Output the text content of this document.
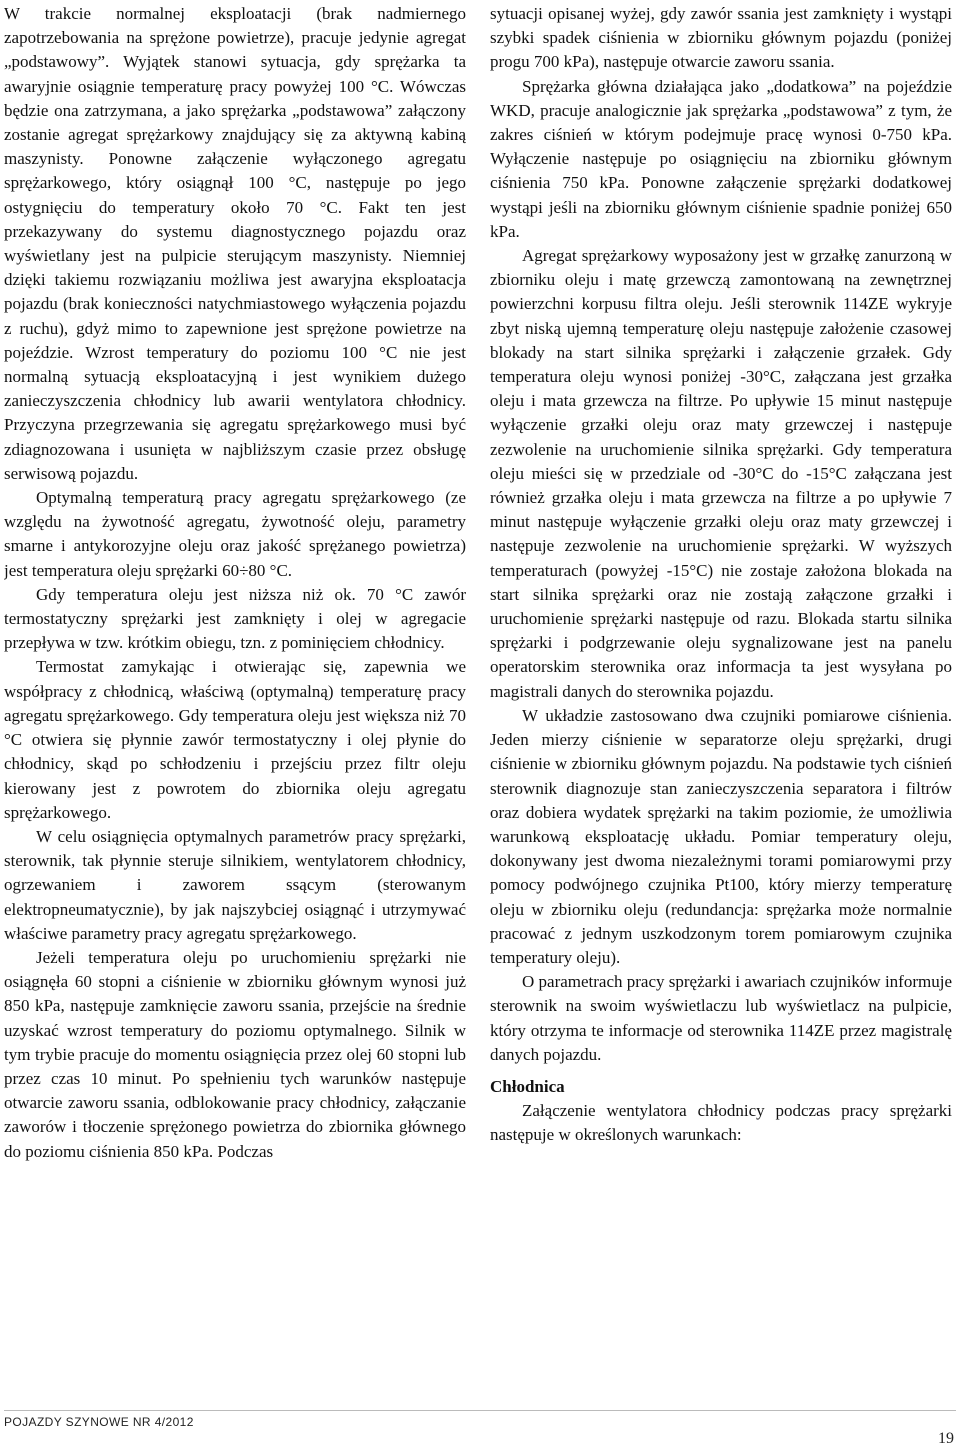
W trakcie normalnej eksploatacji (brak nadmiernego zapotrzebowania na sprężone powietrze), pracuje jedynie agregat „podstawowy”. Wyjątek stanowi sytuacja, gdy sprężarka ta awaryjnie osiągnie temperaturę pracy powyżej 100 °C. Wówczas będzie ona zatrzymana, a jako sprężarka „podstawowa” załączony zostanie agregat sprężarkowy znajdujący się za aktywną kabiną maszynisty. Ponowne załączenie wyłączonego agregatu sprężarkowego, który osiągnął 100 °C, następuje po jego ostygnięciu do temperatury około 70 °C. Fakt ten jest przekazywany do systemu diagnostycznego pojazdu oraz wyświetlany jest na pulpicie sterującym maszynisty. Niemniej dzięki takiemu rozwiązaniu możliwa jest awaryjna eksploatacja pojazdu (brak konieczności natychmiastowego wyłączenia pojazdu z ruchu), gdyż mimo to zapewnione jest sprężone powietrze na pojeździe. Wzrost temperatury do poziomu 100 °C nie jest normalną sytuacją eksploatacyjną i jest wynikiem dużego zanieczyszczenia chłodnicy lub awarii wentylatora chłodnicy. Przyczyna przegrzewania się agregatu sprężarkowego musi być zdiagnozowana i usunięta w najbliższym czasie przez obsługę serwisową pojazdu.

Optymalną temperaturą pracy agregatu sprężarkowego (ze względu na żywotność agregatu, żywotność oleju, parametry smarne i antykorozyjne oleju oraz jakość sprężanego powietrza) jest temperatura oleju sprężarki 60÷80 °C.

Gdy temperatura oleju jest niższa niż ok. 70 °C zawór termostatyczny sprężarki jest zamknięty i olej w agregacie przepływa w tzw. krótkim obiegu, tzn. z pominięciem chłodnicy.

Termostat zamykając i otwierając się, zapewnia we współpracy z chłodnicą, właściwą (optymalną) temperaturę pracy agregatu sprężarkowego. Gdy temperatura oleju jest większa niż 70 °C otwiera się płynnie zawór termostatyczny i olej płynie do chłodnicy, skąd po schłodzeniu i przejściu przez filtr oleju kierowany jest z powrotem do zbiornika oleju agregatu sprężarkowego.

W celu osiągnięcia optymalnych parametrów pracy sprężarki, sterownik, tak płynnie steruje silnikiem, wentylatorem chłodnicy, ogrzewaniem i zaworem ssącym (sterowanym elektropneumatycznie), by jak najszybciej osiągnąć i utrzymywać właściwe parametry pracy agregatu sprężarkowego.

Jeżeli temperatura oleju po uruchomieniu sprężarki nie osiągnęła 60 stopni a ciśnienie w zbiorniku głównym wynosi już 850 kPa, następuje zamknięcie zaworu ssania, przejście na średnie uzyskać wzrost temperatury do poziomu optymalnego. Silnik w tym trybie pracuje do momentu osiągnięcia przez olej 60 stopni lub przez czas 10 minut. Po spełnieniu tych warunków następuje otwarcie zaworu ssania, odblokowanie pracy chłodnicy, załączanie zaworów i tłoczenie sprężonego powietrza do zbiornika głównego do poziomu ciśnienia 850 kPa. Podczas

sytuacji opisanej wyżej, gdy zawór ssania jest zamknięty i wystąpi szybki spadek ciśnienia w zbiorniku głównym pojazdu (poniżej progu 700 kPa), następuje otwarcie zaworu ssania.

Sprężarka główna działająca jako „dodatkowa” na pojeździe WKD, pracuje analogicznie jak sprężarka „podstawowa” z tym, że zakres ciśnień w którym podejmuje pracę wynosi 0-750 kPa. Wyłączenie następuje po osiągnięciu na zbiorniku głównym ciśnienia 750 kPa. Ponowne załączenie sprężarki dodatkowej wystąpi jeśli na zbiorniku głównym ciśnienie spadnie poniżej 650 kPa.

Agregat sprężarkowy wyposażony jest w grzałkę zanurzoną w zbiorniku oleju i matę grzewczą zamontowaną na zewnętrznej powierzchni korpusu filtra oleju. Jeśli sterownik 114ZE wykryje zbyt niską ujemną temperaturę oleju następuje założenie czasowej blokady na start silnika sprężarki i załączenie grzałek. Gdy temperatura oleju wynosi poniżej -30°C, załączana jest grzałka oleju i mata grzewcza na filtrze. Po upływie 15 minut następuje wyłączenie grzałki oleju oraz maty grzewczej i następuje zezwolenie na uruchomienie silnika sprężarki. Gdy temperatura oleju mieści się w przedziale od -30°C do -15°C załączana jest również grzałka oleju i mata grzewcza na filtrze a po upływie 7 minut następuje wyłączenie grzałki oleju oraz maty grzewczej i następuje zezwolenie na uruchomienie sprężarki. W wyższych temperaturach (powyżej -15°C) nie zostaje założona blokada na start silnika sprężarki oraz nie zostają załączone grzałki i uruchomienie sprężarki następuje od razu. Blokada startu silnika sprężarki i podgrzewanie oleju sygnalizowane jest na panelu operatorskim sterownika oraz informacja ta jest wysyłana po magistrali danych do sterownika pojazdu.

W układzie zastosowano dwa czujniki pomiarowe ciśnienia. Jeden mierzy ciśnienie w separatorze oleju sprężarki, drugi ciśnienie w zbiorniku głównym pojazdu. Na podstawie tych ciśnień sterownik diagnozuje stan zanieczyszczenia separatora i filtrów oraz dobiera wydatek sprężarki na takim poziomie, że umożliwia warunkową eksploatację układu. Pomiar temperatury oleju, dokonywany jest dwoma niezależnymi torami pomiarowymi przy pomocy podwójnego czujnika Pt100, który mierzy temperaturę oleju w zbiorniku oleju (redundancja: sprężarka może normalnie pracować z jednym uszkodzonym torem pomiarowym czujnika temperatury oleju).

O parametrach pracy sprężarki i awariach czujników informuje sterownik na swoim wyświetlaczu lub wyświetlacz na pulpicie, który otrzyma te informacje od sterownika 114ZE przez magistralę danych pojazdu.

Chłodnica

Załączenie wentylatora chłodnicy podczas pracy sprężarki następuje w określonych warunkach:

POJAZDY SZYNOWE NR 4/2012
19
